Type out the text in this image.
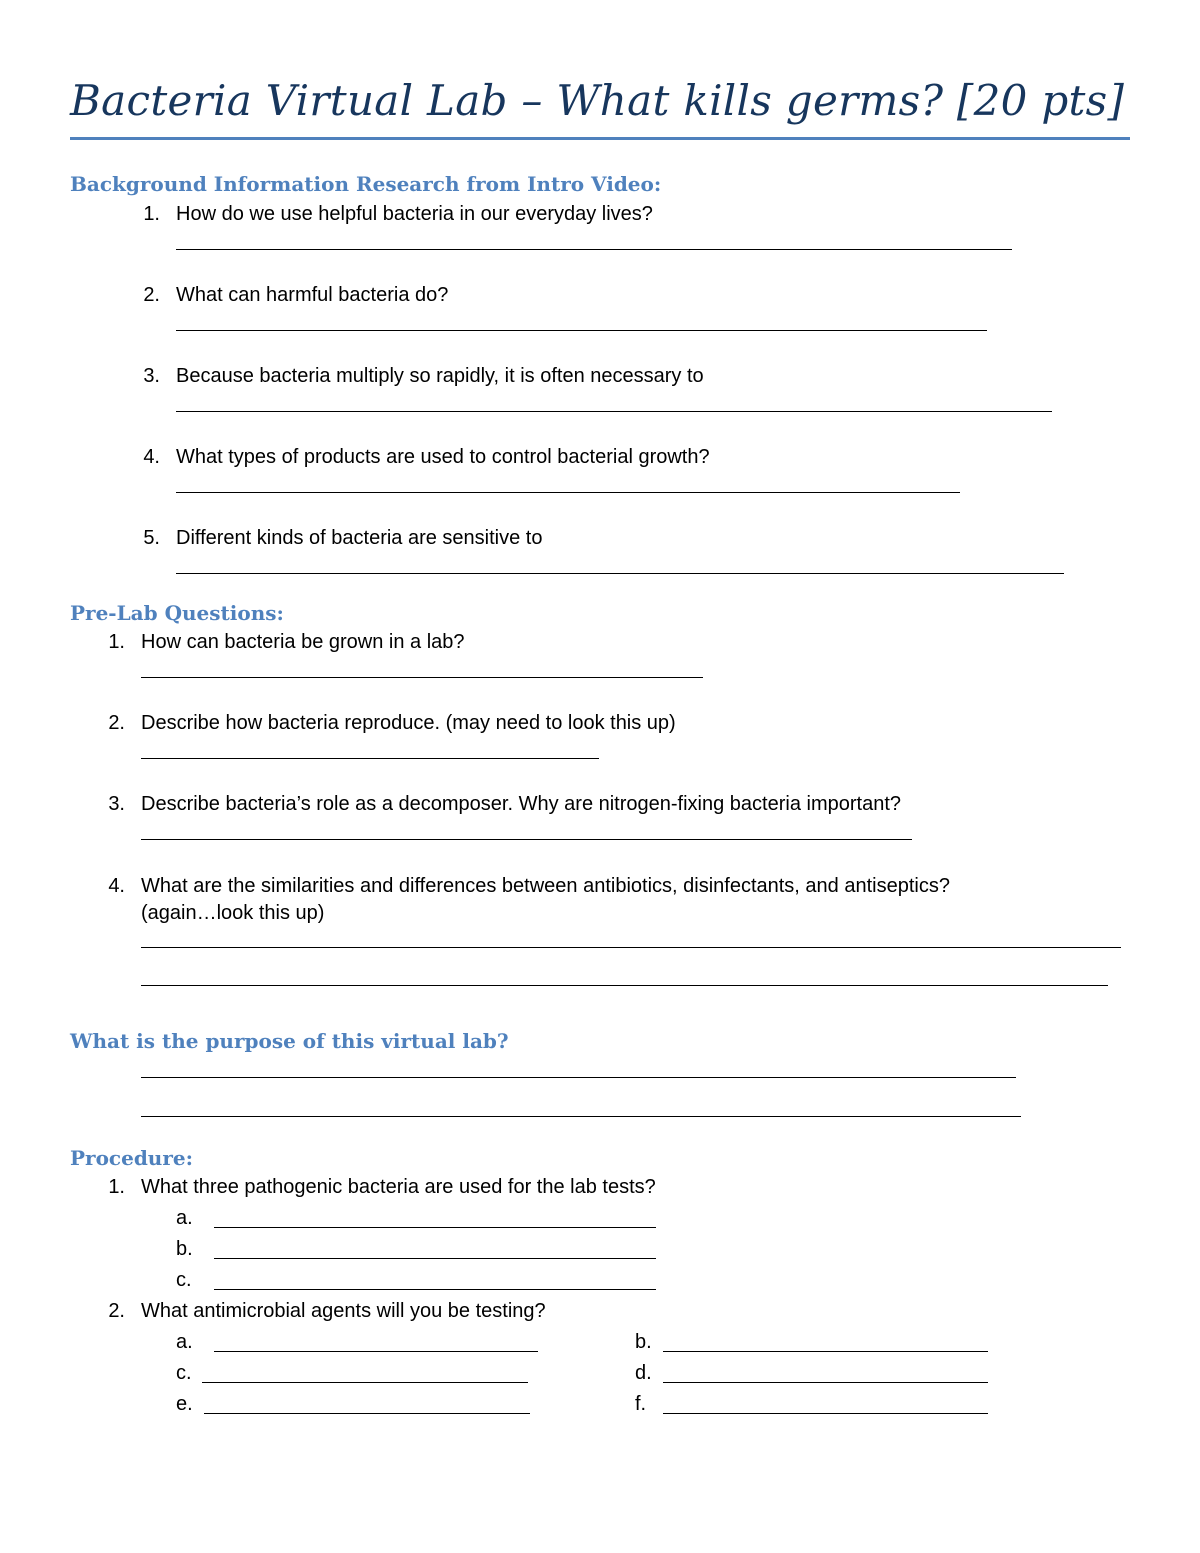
Bacteria Virtual Lab – What kills germs? [20 pts]
Background Information Research from Intro Video:
1. How do we use helpful bacteria in our everyday lives?
2. What can harmful bacteria do?
3. Because bacteria multiply so rapidly, it is often necessary to
4. What types of products are used to control bacterial growth?
5. Different kinds of bacteria are sensitive to
Pre-Lab Questions:
1. How can bacteria be grown in a lab?
2. Describe how bacteria reproduce. (may need to look this up)
3. Describe bacteria’s role as a decomposer. Why are nitrogen-fixing bacteria important?
4. What are the similarities and differences between antibiotics, disinfectants, and antiseptics?
(again…look this up)
What is the purpose of this virtual lab?
Procedure:
1. What three pathogenic bacteria are used for the lab tests?
a.
b.
c.
2. What antimicrobial agents will you be testing?
a.	b.
c.	d.
e.	f.
